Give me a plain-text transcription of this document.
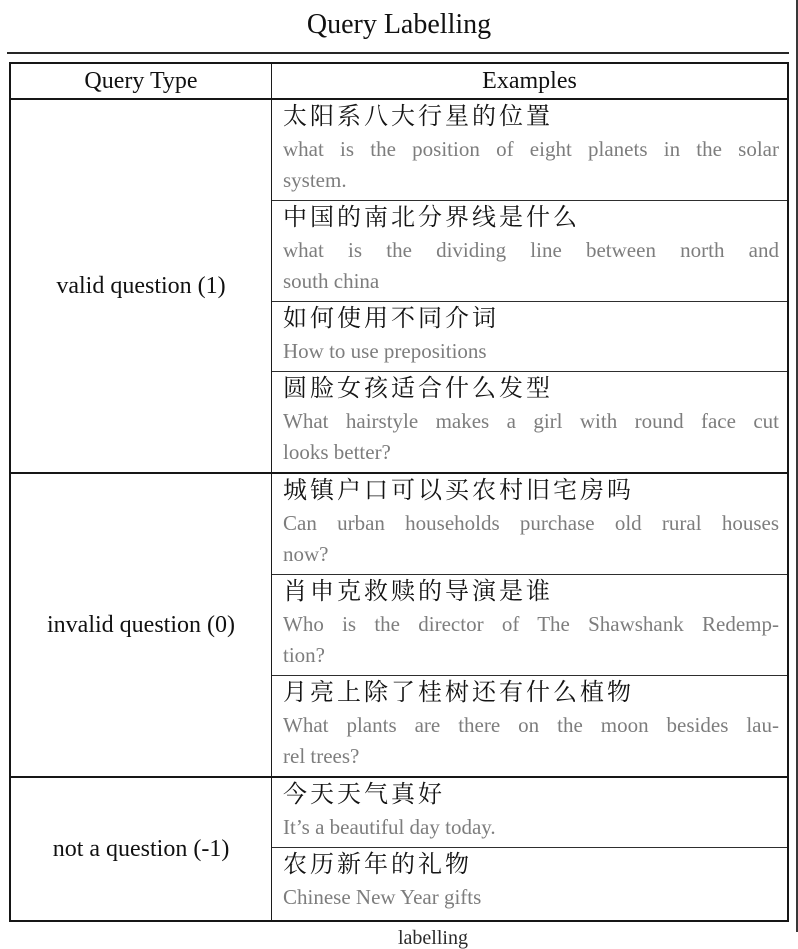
Query Labelling
Query Type	Examples
valid question (1)
太阳系八大行星的位置
what is the position of eight planets in the solar
system.
中国的南北分界线是什么
what is the dividing line between north and
south china
如何使用不同介词
How to use prepositions
圆脸女孩适合什么发型
What hairstyle makes a girl with round face cut
looks better?
invalid question (0)
城镇户口可以买农村旧宅房吗
Can urban households purchase old rural houses
now?
肖申克救赎的导演是谁
Who is the director of The Shawshank Redemp-
tion?
月亮上除了桂树还有什么植物
What plants are there on the moon besides lau-
rel trees?
not a question (-1)
今天天气真好
It’s a beautiful day today.
农历新年的礼物
Chinese New Year gifts
labelling
